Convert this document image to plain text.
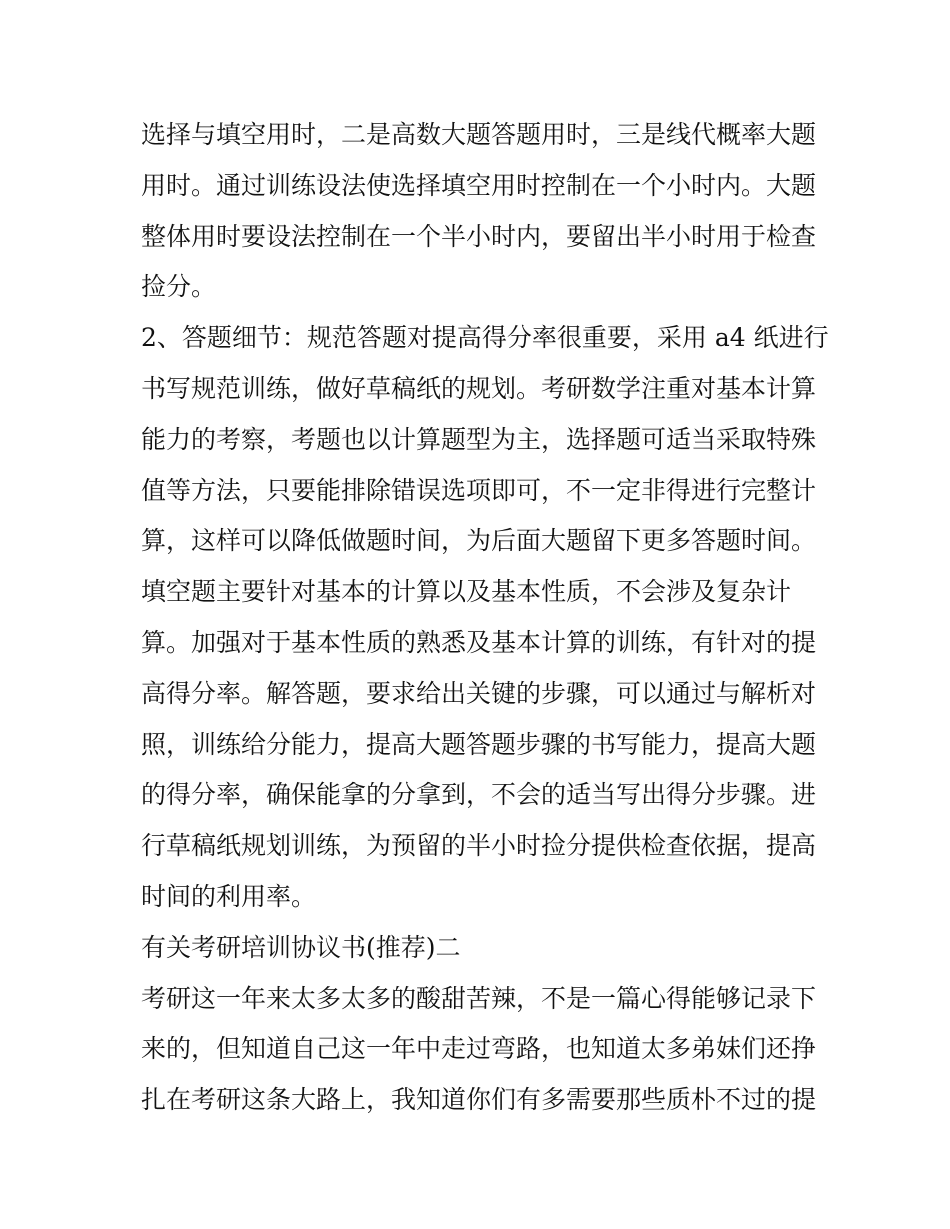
选择与填空用时，二是高数大题答题用时，三是线代概率大题
用时。通过训练设法使选择填空用时控制在一个小时内。大题
整体用时要设法控制在一个半小时内，要留出半小时用于检查
捡分。
2、答题细节：规范答题对提高得分率很重要，采用 a4 纸进行
书写规范训练，做好草稿纸的规划。考研数学注重对基本计算
能力的考察，考题也以计算题型为主，选择题可适当采取特殊
值等方法，只要能排除错误选项即可，不一定非得进行完整计
算，这样可以降低做题时间，为后面大题留下更多答题时间。
填空题主要针对基本的计算以及基本性质，不会涉及复杂计
算。加强对于基本性质的熟悉及基本计算的训练，有针对的提
高得分率。解答题，要求给出关键的步骤，可以通过与解析对
照，训练给分能力，提高大题答题步骤的书写能力，提高大题
的得分率，确保能拿的分拿到，不会的适当写出得分步骤。进
行草稿纸规划训练，为预留的半小时捡分提供检查依据，提高
时间的利用率。
有关考研培训协议书(推荐)二
考研这一年来太多太多的酸甜苦辣，不是一篇心得能够记录下
来的，但知道自己这一年中走过弯路，也知道太多弟妹们还挣
扎在考研这条大路上，我知道你们有多需要那些质朴不过的提
